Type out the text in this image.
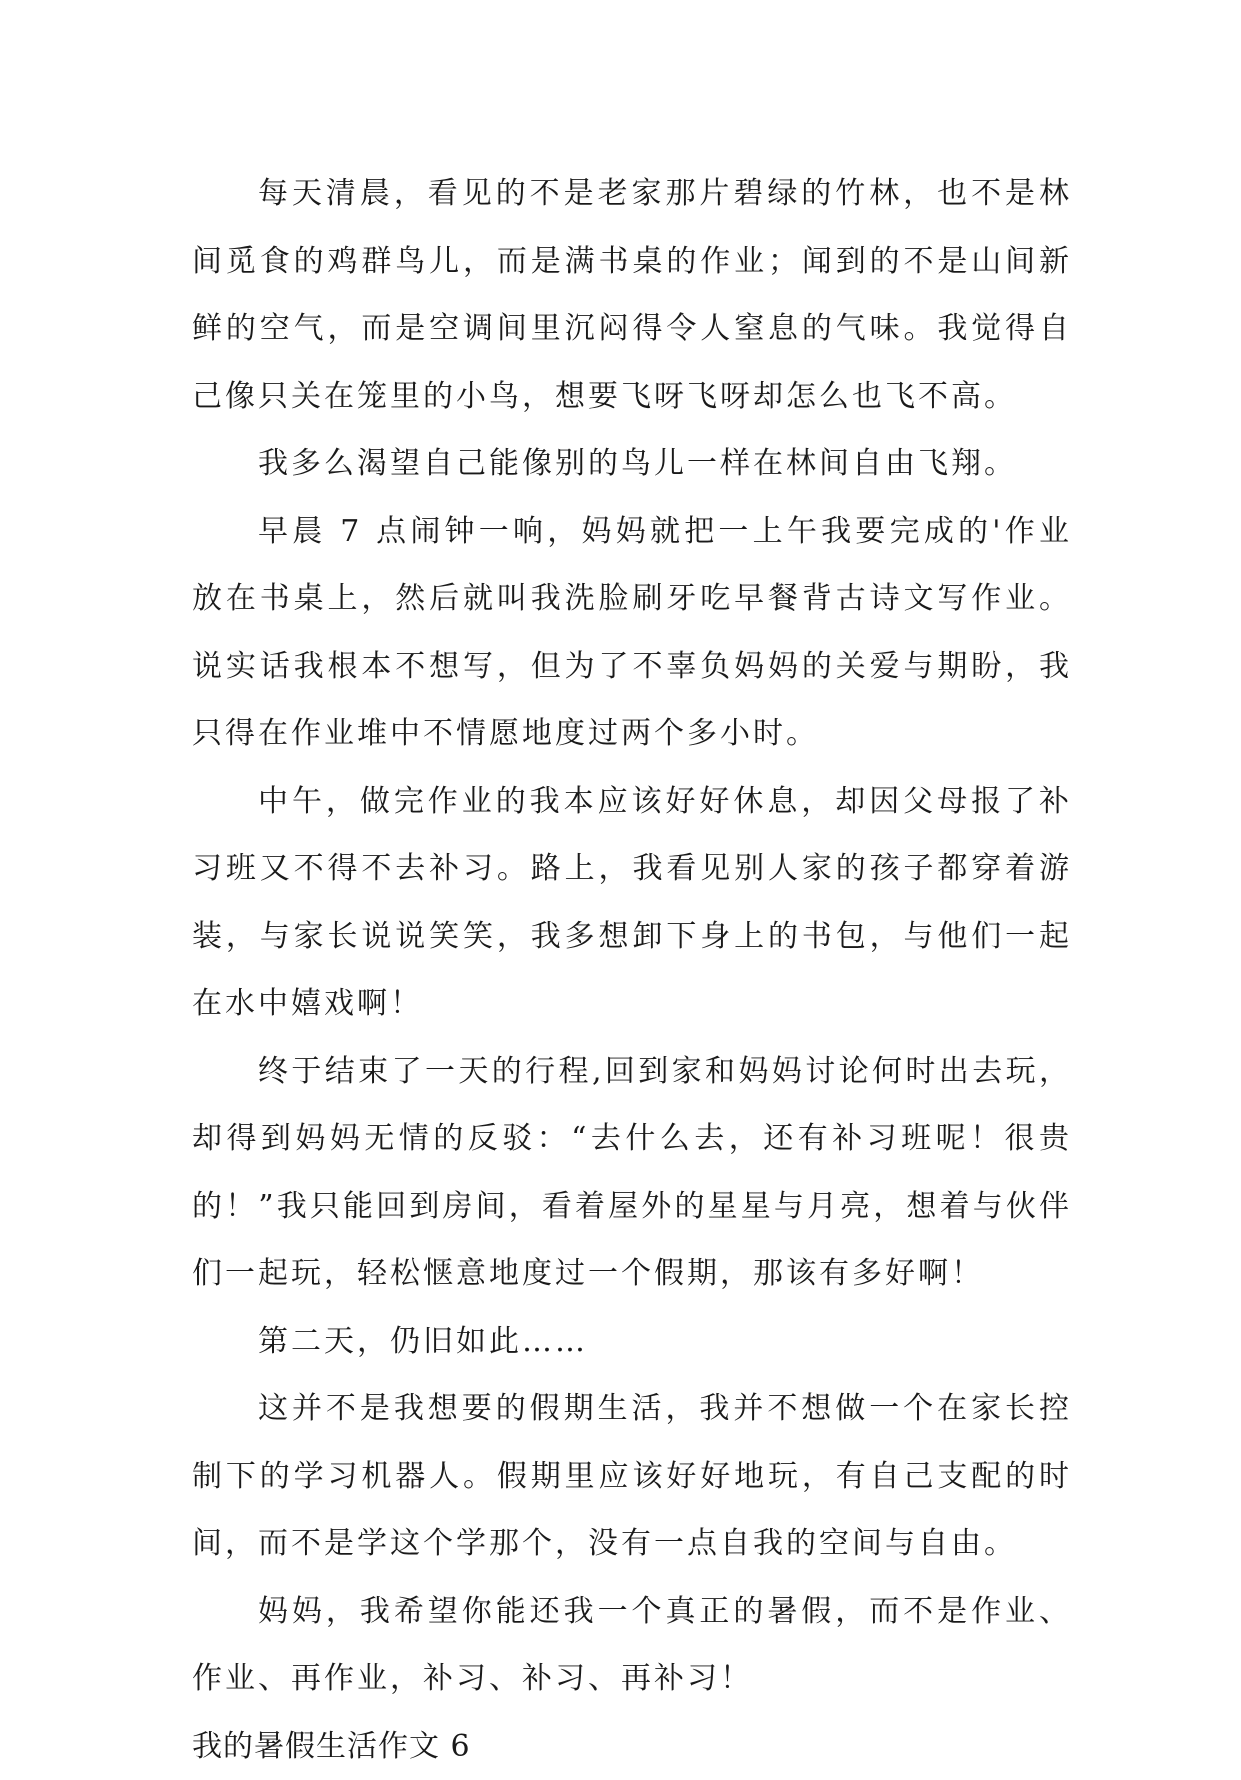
每天清晨，看见的不是老家那片碧绿的竹林，也不是林间觅食的鸡群鸟儿，而是满书桌的作业；闻到的不是山间新鲜的空气，而是空调间里沉闷得令人窒息的气味。我觉得自己像只关在笼里的小鸟，想要飞呀飞呀却怎么也飞不高。

我多么渴望自己能像别的鸟儿一样在林间自由飞翔。

早晨 7 点闹钟一响，妈妈就把一上午我要完成的'作业放在书桌上，然后就叫我洗脸刷牙吃早餐背古诗文写作业。说实话我根本不想写，但为了不辜负妈妈的关爱与期盼，我只得在作业堆中不情愿地度过两个多小时。

中午，做完作业的我本应该好好休息，却因父母报了补习班又不得不去补习。路上，我看见别人家的孩子都穿着游装，与家长说说笑笑，我多想卸下身上的书包，与他们一起在水中嬉戏啊！

终于结束了一天的行程,回到家和妈妈讨论何时出去玩，却得到妈妈无情的反驳：“去什么去，还有补习班呢！很贵的！”我只能回到房间，看着屋外的星星与月亮，想着与伙伴们一起玩，轻松惬意地度过一个假期，那该有多好啊！

第二天，仍旧如此……

这并不是我想要的假期生活，我并不想做一个在家长控制下的学习机器人。假期里应该好好地玩，有自己支配的时间，而不是学这个学那个，没有一点自我的空间与自由。

妈妈，我希望你能还我一个真正的暑假，而不是作业、作业、再作业，补习、补习、再补习！

我的暑假生活作文 6
